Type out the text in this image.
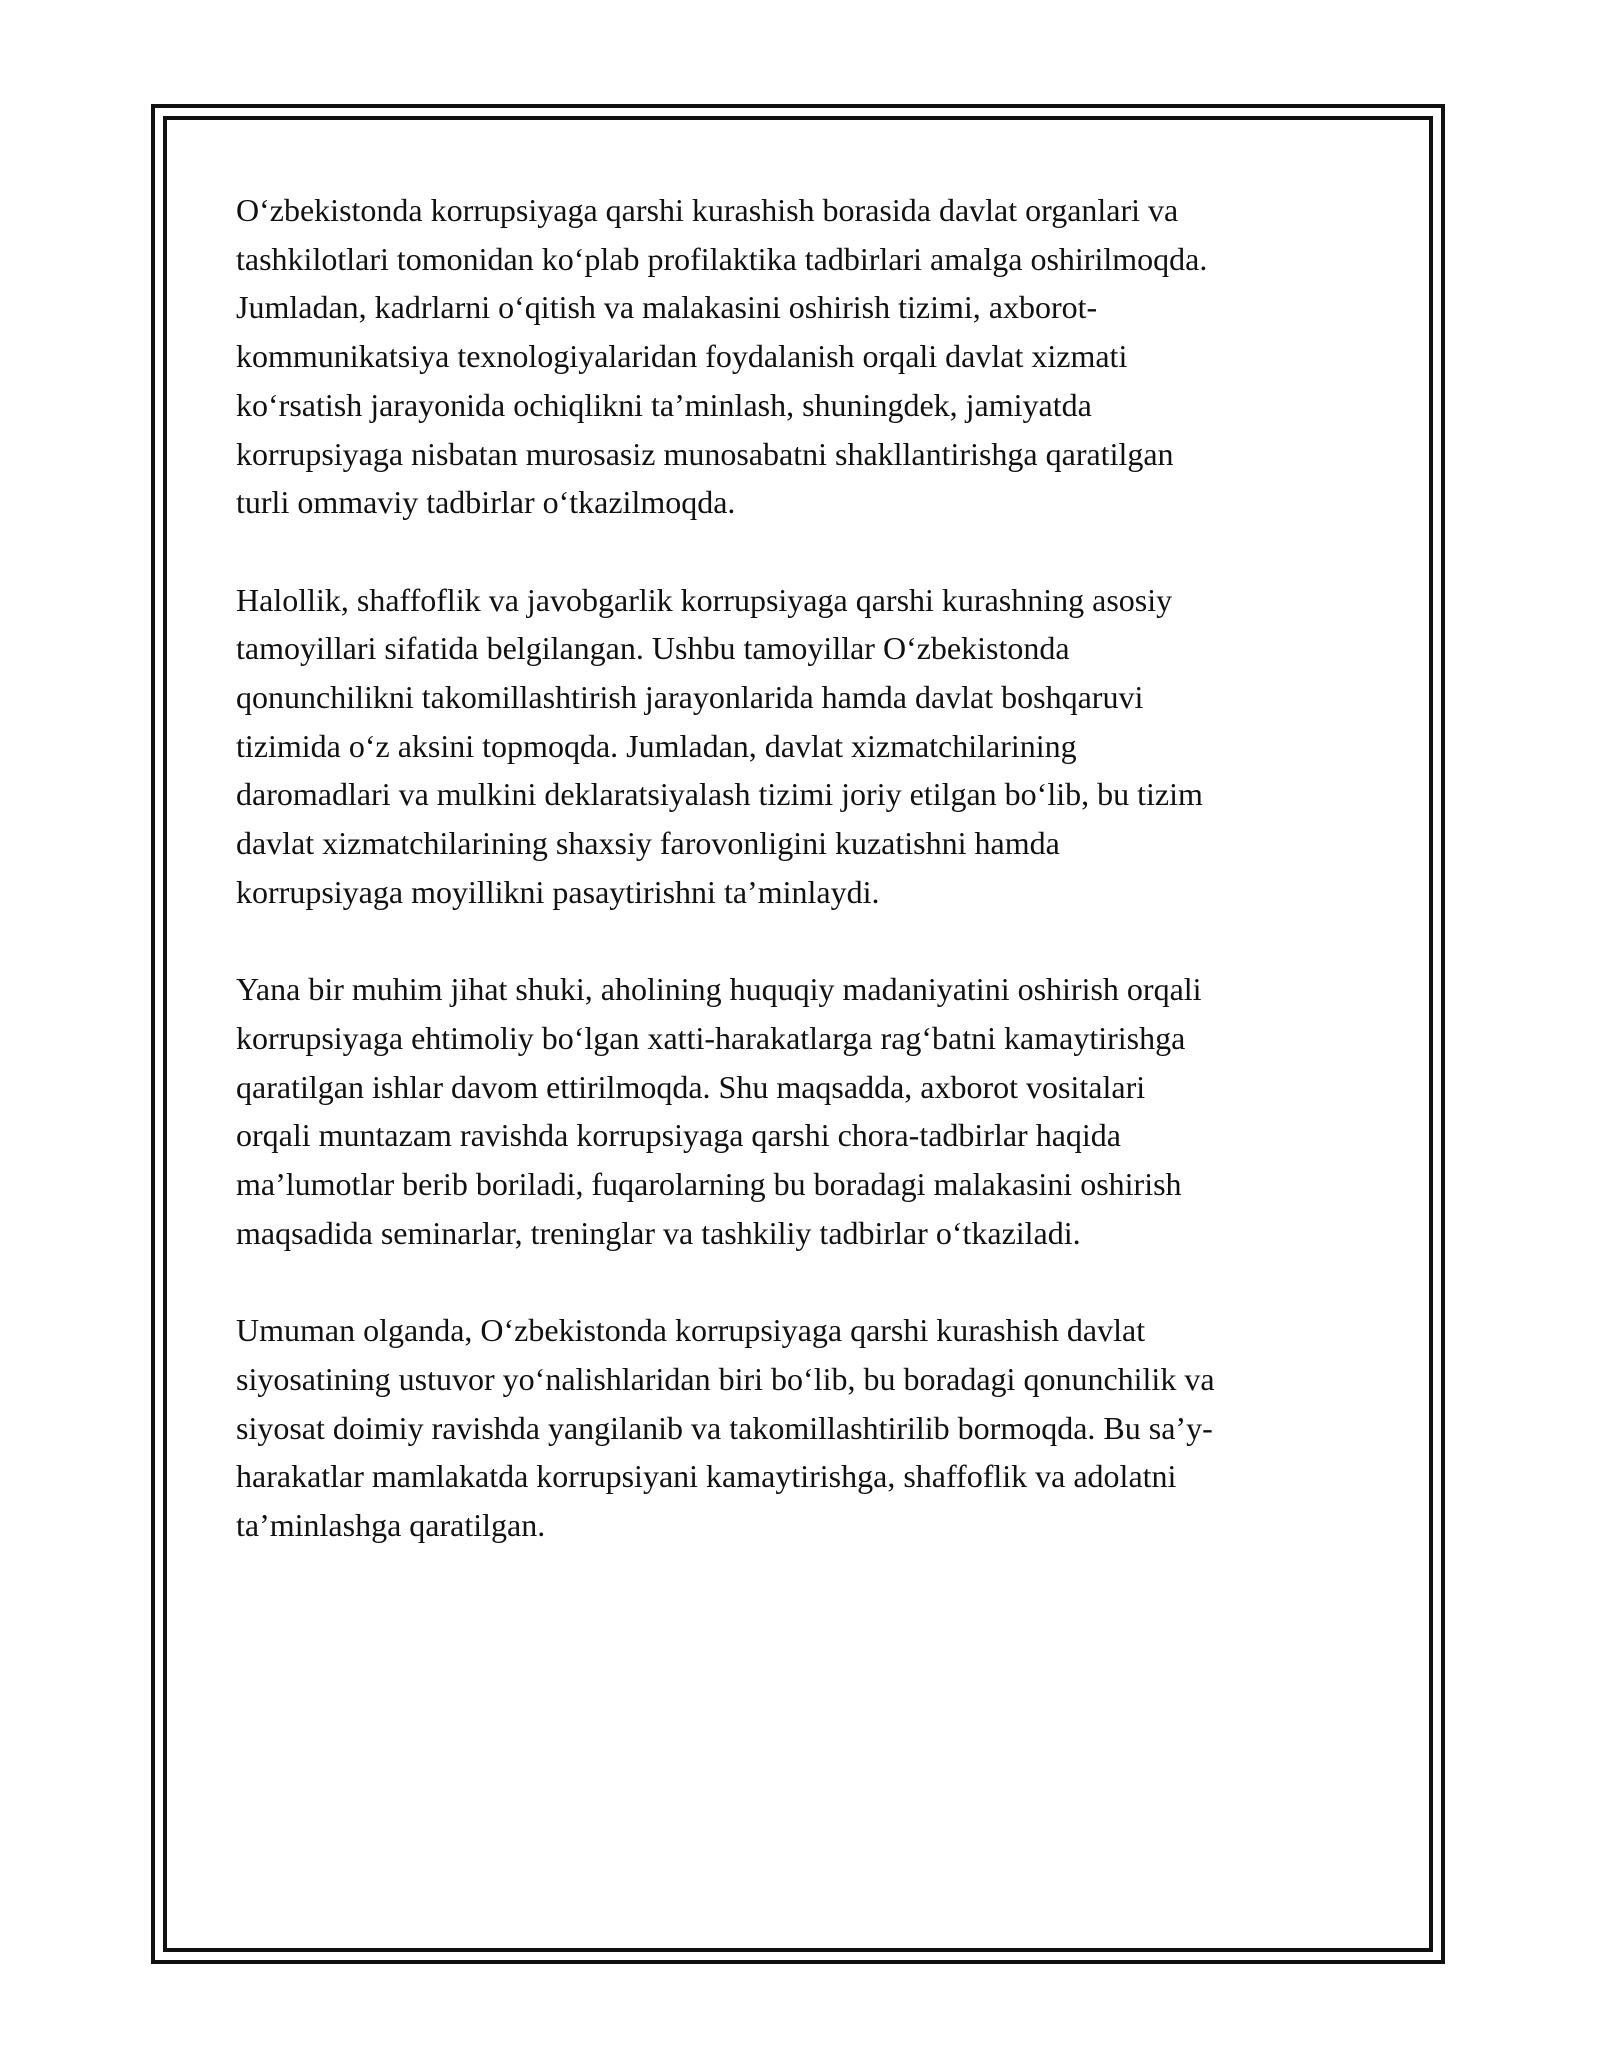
O‘zbekistonda korrupsiyaga qarshi kurashish borasida davlat organlari va
tashkilotlari tomonidan ko‘plab profilaktika tadbirlari amalga oshirilmoqda.
Jumladan, kadrlarni o‘qitish va malakasini oshirish tizimi, axborot-
kommunikatsiya texnologiyalaridan foydalanish orqali davlat xizmati
ko‘rsatish jarayonida ochiqlikni ta’minlash, shuningdek, jamiyatda
korrupsiyaga nisbatan murosasiz munosabatni shakllantirishga qaratilgan
turli ommaviy tadbirlar o‘tkazilmoqda.

Halollik, shaffoflik va javobgarlik korrupsiyaga qarshi kurashning asosiy
tamoyillari sifatida belgilangan. Ushbu tamoyillar O‘zbekistonda
qonunchilikni takomillashtirish jarayonlarida hamda davlat boshqaruvi
tizimida o‘z aksini topmoqda. Jumladan, davlat xizmatchilarining
daromadlari va mulkini deklaratsiyalash tizimi joriy etilgan bo‘lib, bu tizim
davlat xizmatchilarining shaxsiy farovonligini kuzatishni hamda
korrupsiyaga moyillikni pasaytirishni ta’minlaydi.

Yana bir muhim jihat shuki, aholining huquqiy madaniyatini oshirish orqali
korrupsiyaga ehtimoliy bo‘lgan xatti-harakatlarga rag‘batni kamaytirishga
qaratilgan ishlar davom ettirilmoqda. Shu maqsadda, axborot vositalari
orqali muntazam ravishda korrupsiyaga qarshi chora-tadbirlar haqida
ma’lumotlar berib boriladi, fuqarolarning bu boradagi malakasini oshirish
maqsadida seminarlar, treninglar va tashkiliy tadbirlar o‘tkaziladi.

Umuman olganda, O‘zbekistonda korrupsiyaga qarshi kurashish davlat
siyosatining ustuvor yo‘nalishlaridan biri bo‘lib, bu boradagi qonunchilik va
siyosat doimiy ravishda yangilanib va takomillashtirilib bormoqda. Bu sa’y-
harakatlar mamlakatda korrupsiyani kamaytirishga, shaffoflik va adolatni
ta’minlashga qaratilgan.
